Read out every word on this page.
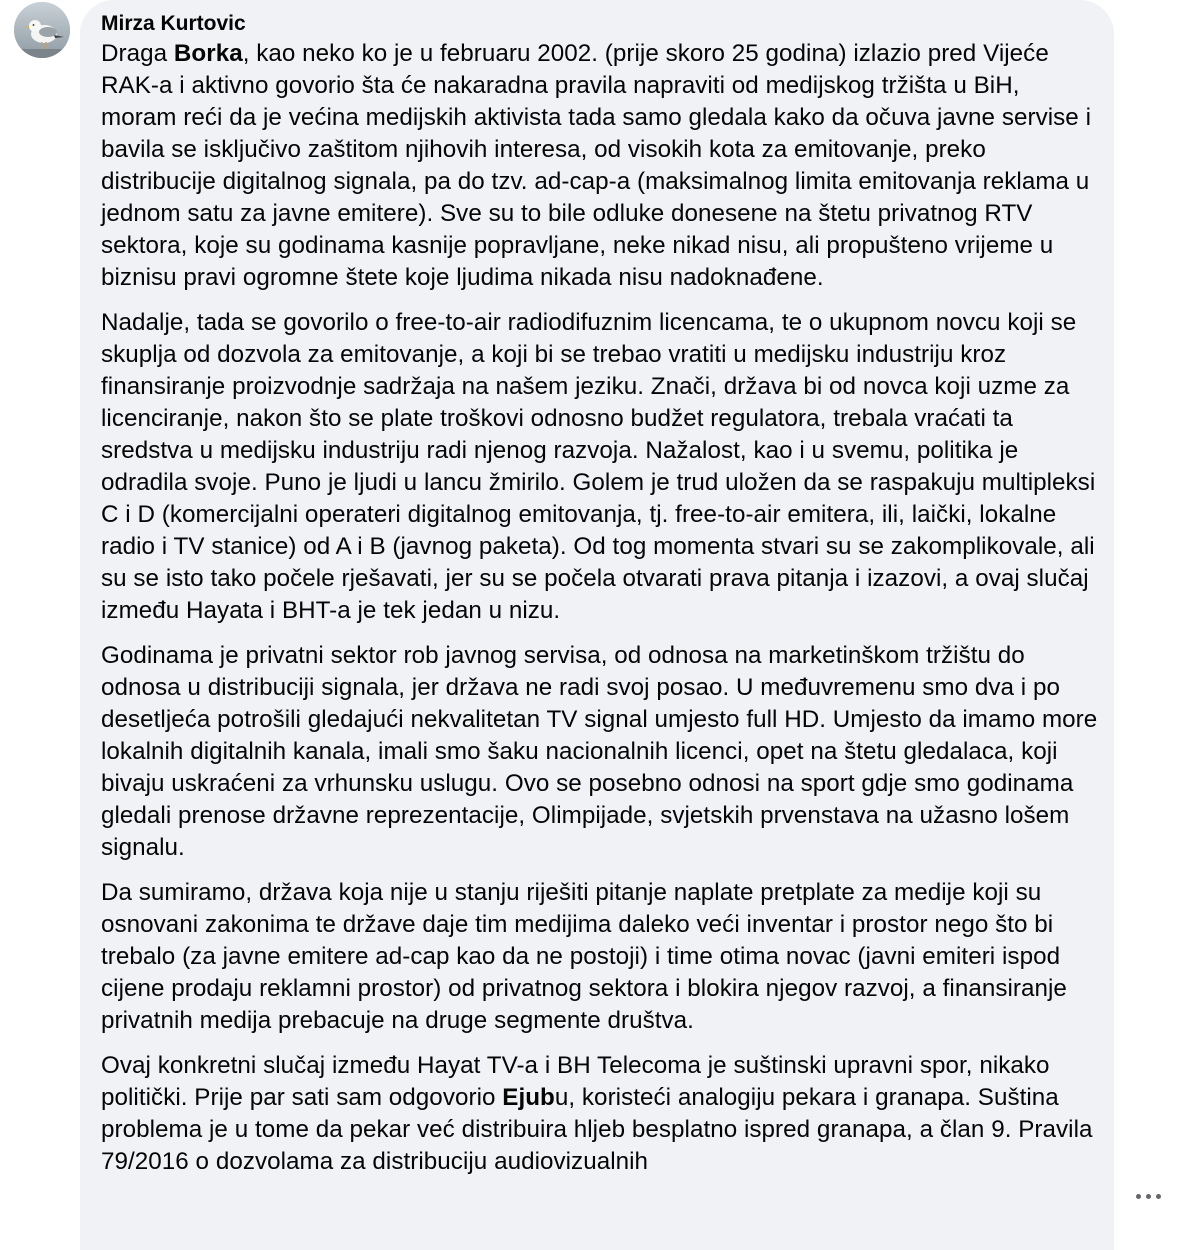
Mirza Kurtovic

Draga Borka, kao neko ko je u februaru 2002. (prije skoro 25 godina) izlazio pred Vijeće RAK-a i aktivno govorio šta će nakaradna pravila napraviti od medijskog tržišta u BiH, moram reći da je većina medijskih aktivista tada samo gledala kako da očuva javne servise i bavila se isključivo zaštitom njihovih interesa, od visokih kota za emitovanje, preko distribucije digitalnog signala, pa do tzv. ad-cap-a (maksimalnog limita emitovanja reklama u jednom satu za javne emitere). Sve su to bile odluke donesene na štetu privatnog RTV sektora, koje su godinama kasnije popravljane, neke nikad nisu, ali propušteno vrijeme u biznisu pravi ogromne štete koje ljudima nikada nisu nadoknađene.

Nadalje, tada se govorilo o free-to-air radiodifuznim licencama, te o ukupnom novcu koji se skuplja od dozvola za emitovanje, a koji bi se trebao vratiti u medijsku industriju kroz finansiranje proizvodnje sadržaja na našem jeziku. Znači, država bi od novca koji uzme za licenciranje, nakon što se plate troškovi odnosno budžet regulatora, trebala vraćati ta sredstva u medijsku industriju radi njenog razvoja. Nažalost, kao i u svemu, politika je odradila svoje. Puno je ljudi u lancu žmirilo. Golem je trud uložen da se raspakuju multipleksi C i D (komercijalni operateri digitalnog emitovanja, tj. free-to-air emitera, ili, laički, lokalne radio i TV stanice) od A i B (javnog paketa). Od tog momenta stvari su se zakomplikovale, ali su se isto tako počele rješavati, jer su se počela otvarati prava pitanja i izazovi, a ovaj slučaj između Hayata i BHT-a je tek jedan u nizu.

Godinama je privatni sektor rob javnog servisa, od odnosa na marketinškom tržištu do odnosa u distribuciji signala, jer država ne radi svoj posao. U međuvremenu smo dva i po desetljeća potrošili gledajući nekvalitetan TV signal umjesto full HD. Umjesto da imamo more lokalnih digitalnih kanala, imali smo šaku nacionalnih licenci, opet na štetu gledalaca, koji bivaju uskraćeni za vrhunsku uslugu. Ovo se posebno odnosi na sport gdje smo godinama gledali prenose državne reprezentacije, Olimpijade, svjetskih prvenstava na užasno lošem signalu.

Da sumiramo, država koja nije u stanju riješiti pitanje naplate pretplate za medije koji su osnovani zakonima te države daje tim medijima daleko veći inventar i prostor nego što bi trebalo (za javne emitere ad-cap kao da ne postoji) i time otima novac (javni emiteri ispod cijene prodaju reklamni prostor) od privatnog sektora i blokira njegov razvoj, a finansiranje privatnih medija prebacuje na druge segmente društva.

Ovaj konkretni slučaj između Hayat TV-a i BH Telecoma je suštinski upravni spor, nikako politički. Prije par sati sam odgovorio Ejubu, koristeći analogiju pekara i granapa. Suština problema je u tome da pekar već distribuira hljeb besplatno ispred granapa, a član 9. Pravila 79/2016 o dozvolama za distribuciju audiovizualnih
